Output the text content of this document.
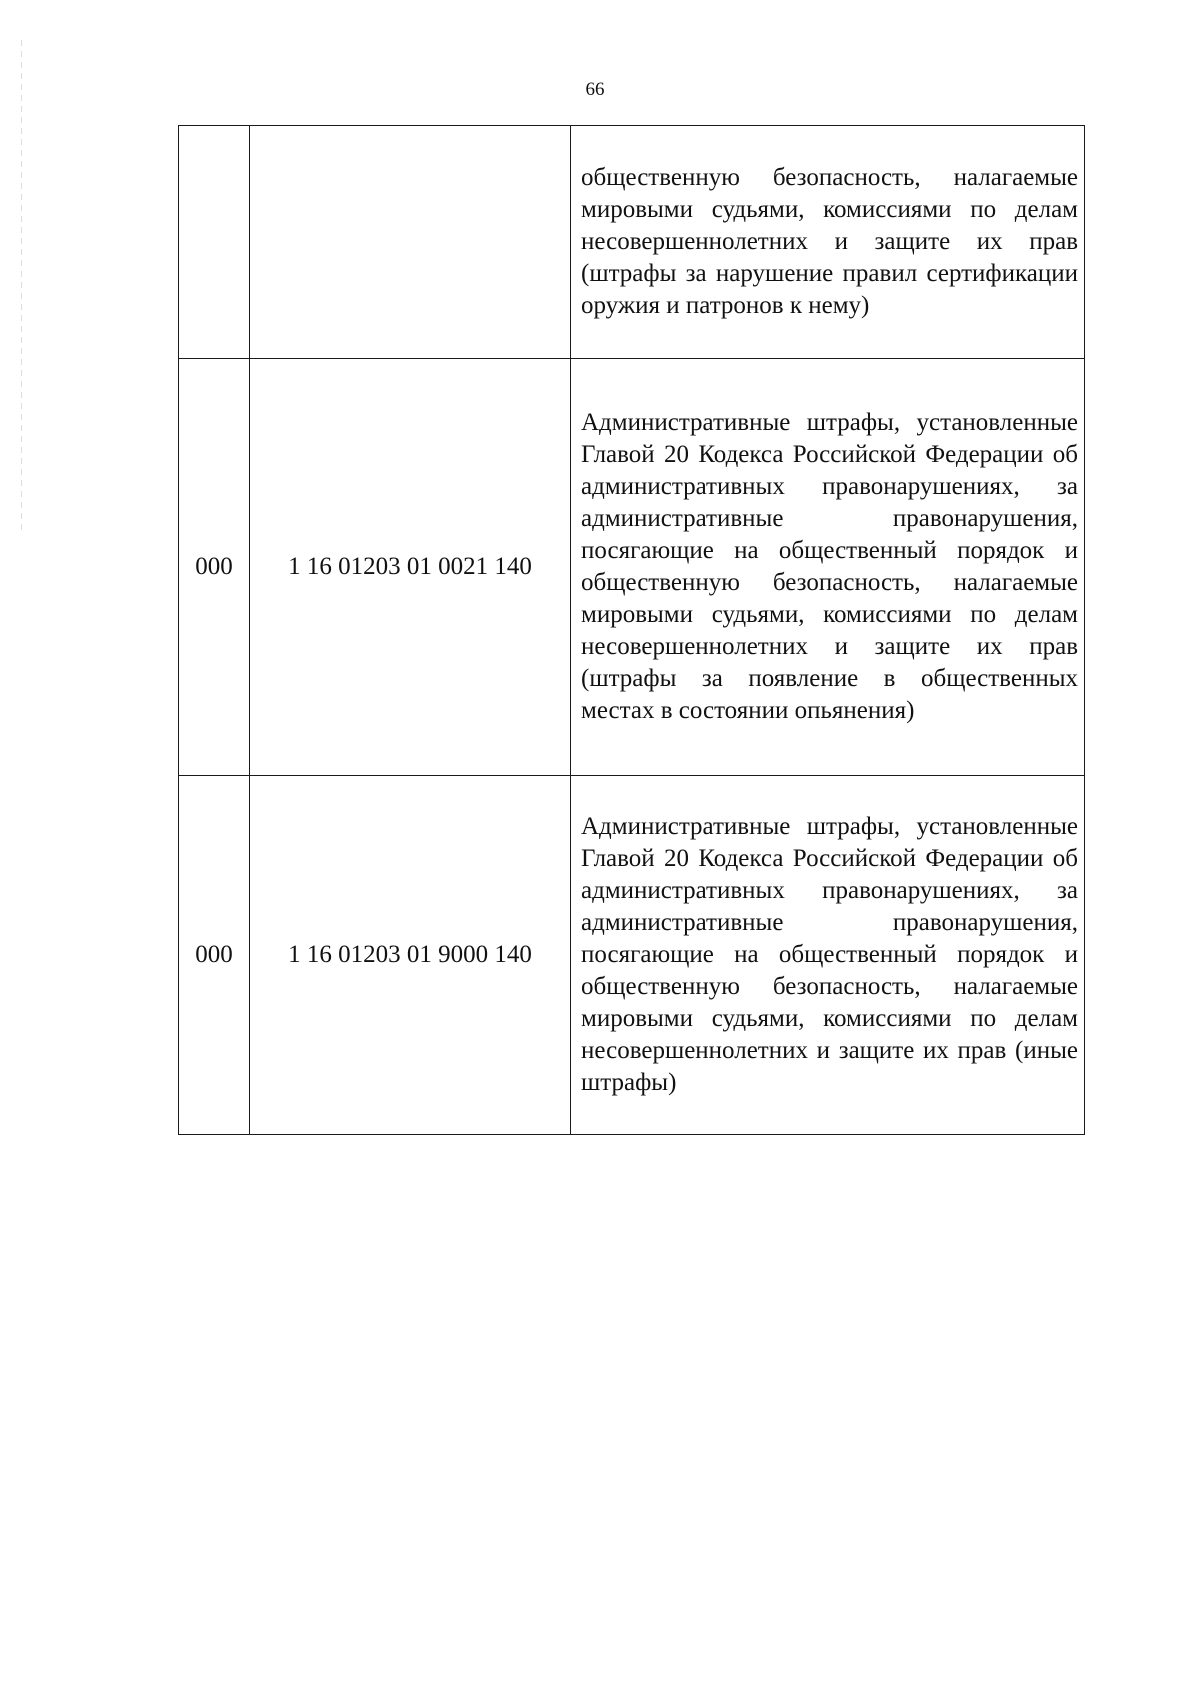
66
		общественную безопасность, налагаемые мировыми судьями, комиссиями по делам несовершеннолетних и защите их прав (штрафы за нарушение правил сертификации оружия и патронов к нему)
000	1 16 01203 01 0021 140	Административные штрафы, установленные Главой 20 Кодекса Российской Федерации об административных правонарушениях, за административные правонарушения, посягающие на общественный порядок и общественную безопасность, налагаемые мировыми судьями, комиссиями по делам несовершеннолетних и защите их прав (штрафы за появление в общественных местах в состоянии опьянения)
000	1 16 01203 01 9000 140	Административные штрафы, установленные Главой 20 Кодекса Российской Федерации об административных правонарушениях, за административные правонарушения, посягающие на общественный порядок и общественную безопасность, налагаемые мировыми судьями, комиссиями по делам несовершеннолетних и защите их прав (иные штрафы)
